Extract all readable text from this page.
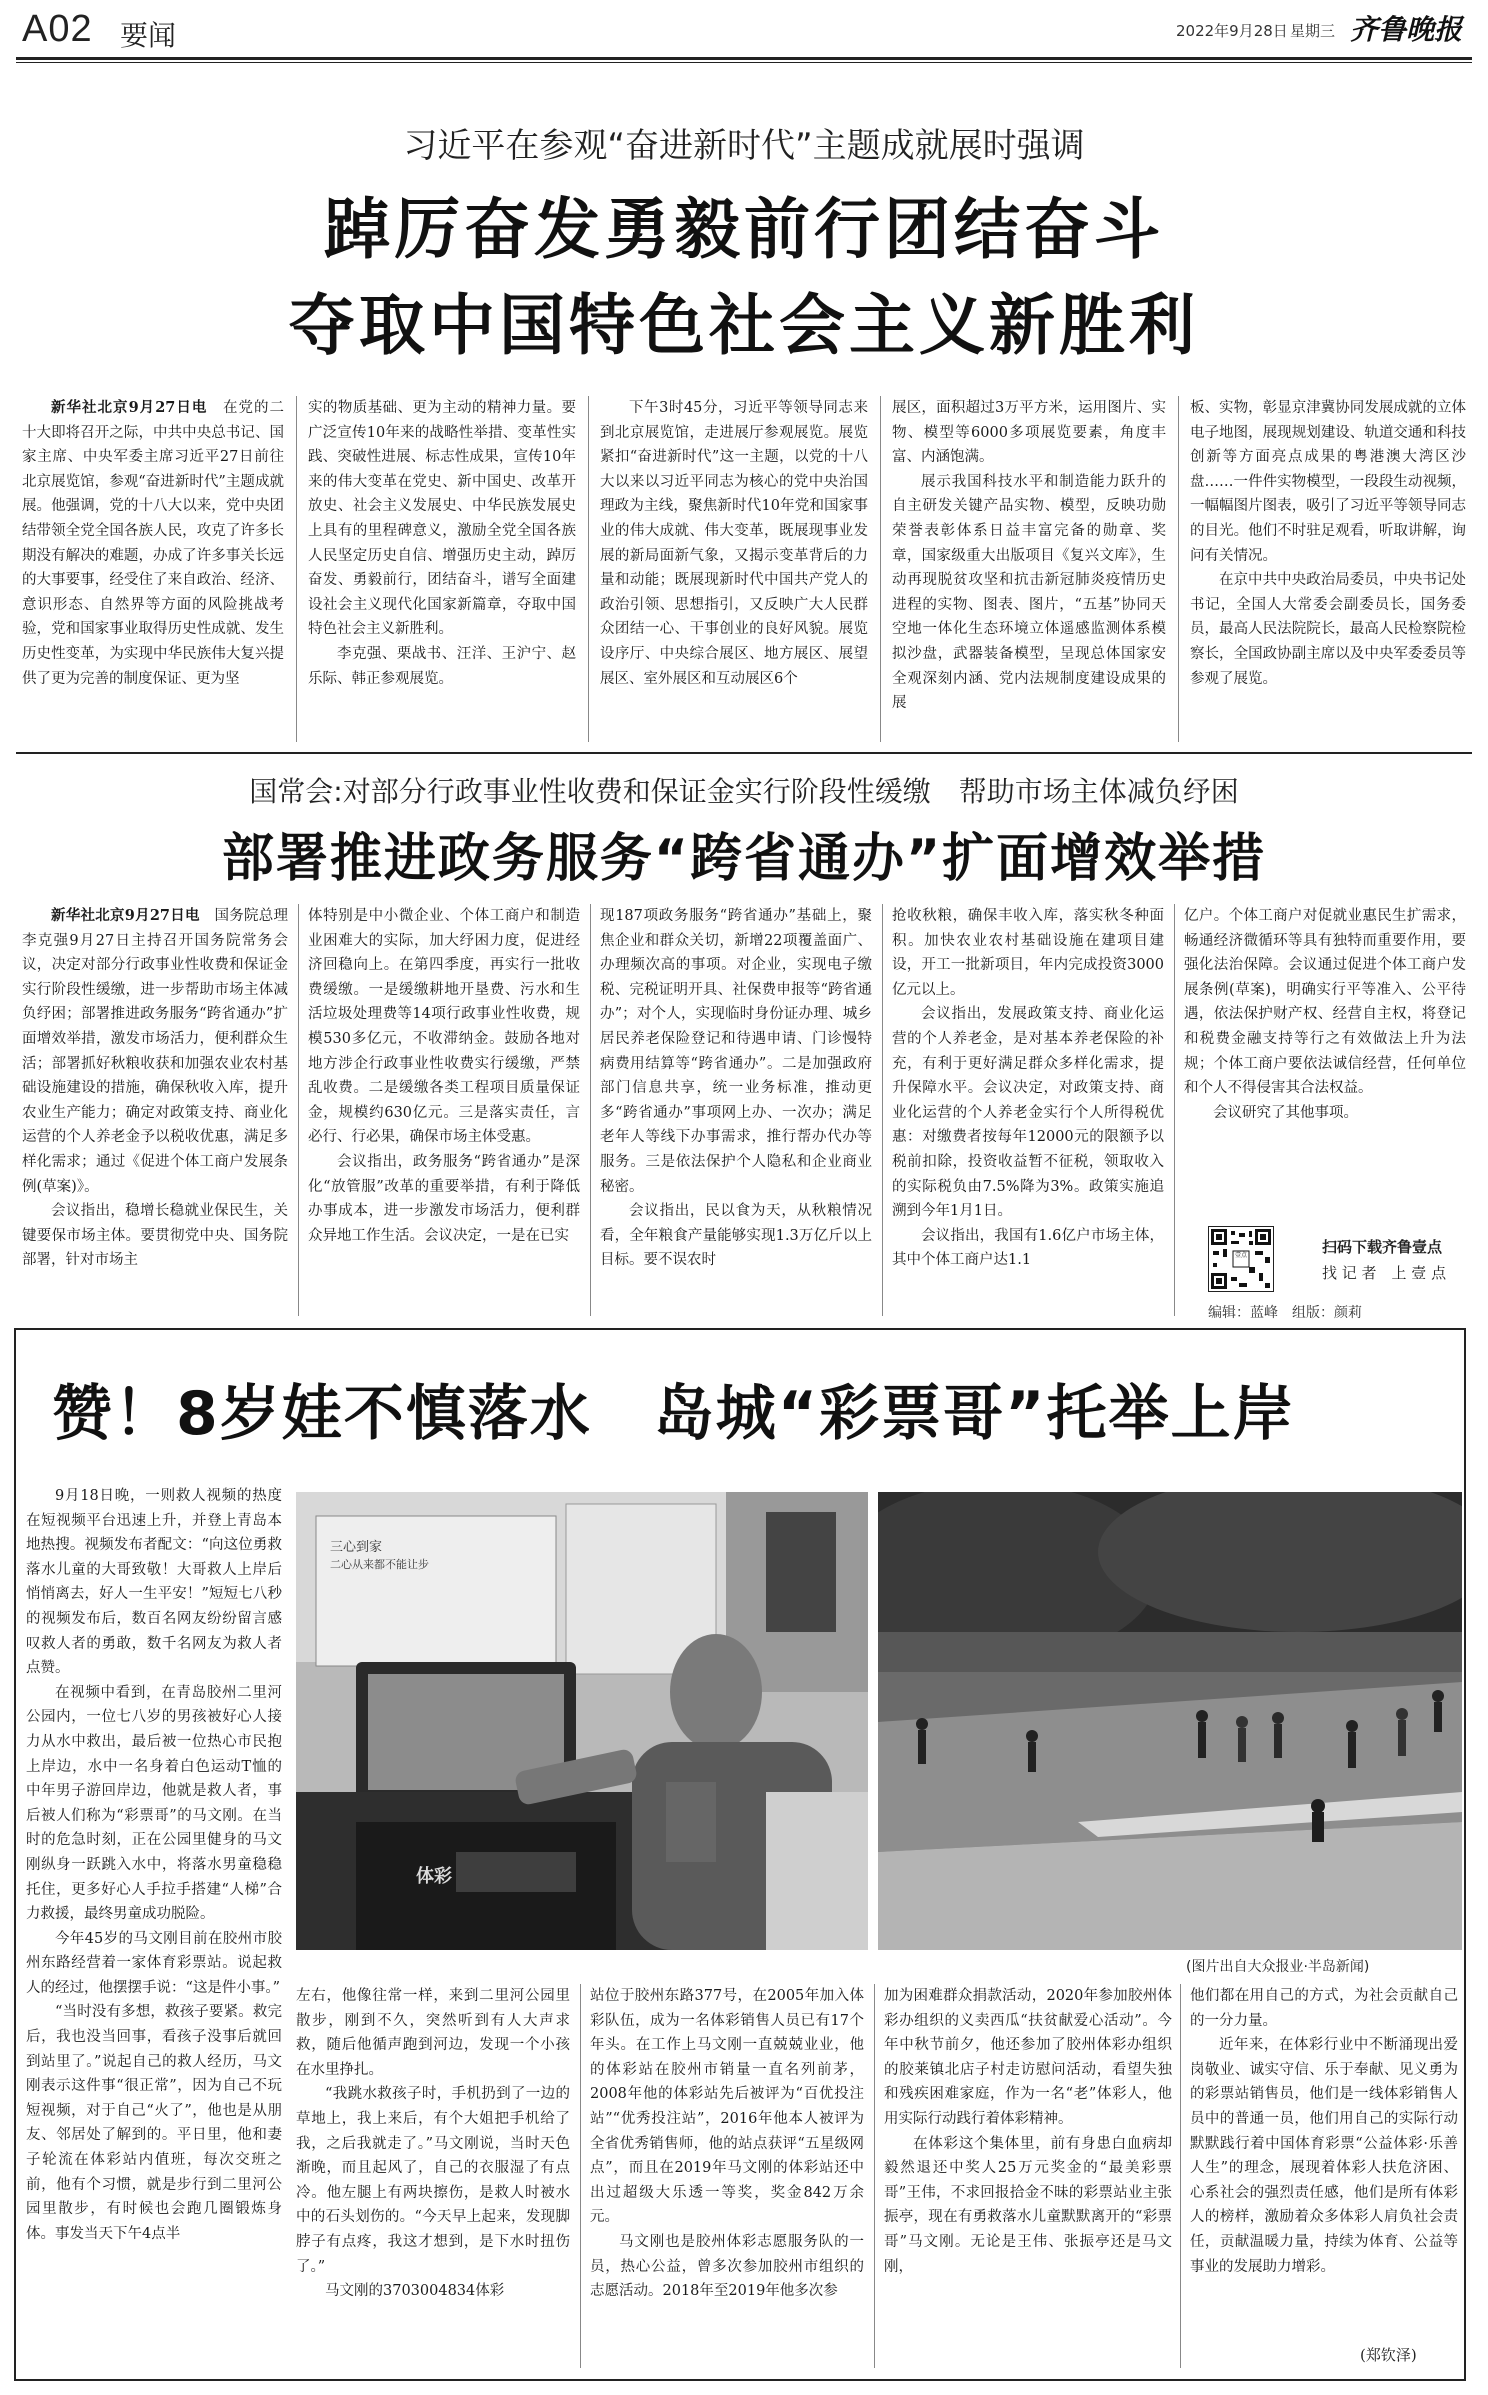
A02 要闻	2022年9月28日 星期三 齐鲁晚报
习近平在参观“奋进新时代”主题成就展时强调
踔厉奋发勇毅前行团结奋斗
夺取中国特色社会主义新胜利

新华社北京9月27日电　 在党的二十大即将召开之际，中共中央总书记、国家主席、中央军委主席习近平27日前往北京展览馆，参观“奋进新时代”主题成就展。他强调，党的十八大以来，党中央团结带领全党全国各族人民，攻克了许多长期没有解决的难题，办成了许多事关长远的大事要事，经受住了来自政治、经济、意识形态、自然界等方面的风险挑战考验，党和国家事业取得历史性成就、发生历史性变革，为实现中华民族伟大复兴提供了更为完善的制度保证、更为坚

实的物质基础、更为主动的精神力量。要广泛宣传10年来的战略性举措、变革性实践、突破性进展、标志性成果，宣传10年来的伟大变革在党史、新中国史、改革开放史、社会主义发展史、中华民族发展史上具有的里程碑意义，激励全党全国各族人民坚定历史自信、增强历史主动，踔厉奋发、勇毅前行，团结奋斗，谱写全面建设社会主义现代化国家新篇章，夺取中国特色社会主义新胜利。

李克强、栗战书、汪洋、王沪宁、赵乐际、韩正参观展览。

下午3时45分，习近平等领导同志来到北京展览馆，走进展厅参观展览。展览紧扣“奋进新时代”这一主题，以党的十八大以来以习近平同志为核心的党中央治国理政为主线，聚焦新时代10年党和国家事业的伟大成就、伟大变革，既展现事业发展的新局面新气象，又揭示变革背后的力量和动能；既展现新时代中国共产党人的政治引领、思想指引，又反映广大人民群众团结一心、干事创业的良好风貌。展览设序厅、中央综合展区、地方展区、展望展区、室外展区和互动展区6个

展区，面积超过3万平方米，运用图片、实物、模型等6000多项展览要素，角度丰富、内涵饱满。

展示我国科技水平和制造能力跃升的自主研发关键产品实物、模型，反映功勋荣誉表彰体系日益丰富完备的勋章、奖章，国家级重大出版项目《复兴文库》，生动再现脱贫攻坚和抗击新冠肺炎疫情历史进程的实物、图表、图片，“五基”协同天空地一体化生态环境立体遥感监测体系模拟沙盘，武器装备模型，呈现总体国家安全观深刻内涵、党内法规制度建设成果的展

板、实物，彰显京津冀协同发展成就的立体电子地图，展现规划建设、轨道交通和科技创新等方面亮点成果的粤港澳大湾区沙盘……一件件实物模型，一段段生动视频，一幅幅图片图表，吸引了习近平等领导同志的目光。他们不时驻足观看，听取讲解，询问有关情况。

在京中共中央政治局委员，中央书记处书记，全国人大常委会副委员长，国务委员，最高人民法院院长，最高人民检察院检察长，全国政协副主席以及中央军委委员等参观了展览。

国常会:对部分行政事业性收费和保证金实行阶段性缓缴　帮助市场主体减负纾困
部署推进政务服务“跨省通办”扩面增效举措

新华社北京9月27日电　 国务院总理李克强9月27日主持召开国务院常务会议，决定对部分行政事业性收费和保证金实行阶段性缓缴，进一步帮助市场主体减负纾困；部署推进政务服务“跨省通办”扩面增效举措，激发市场活力，便利群众生活；部署抓好秋粮收获和加强农业农村基础设施建设的措施，确保秋收入库，提升农业生产能力；确定对政策支持、商业化运营的个人养老金予以税收优惠，满足多样化需求；通过《促进个体工商户发展条例(草案)》。

会议指出，稳增长稳就业保民生，关键要保市场主体。要贯彻党中央、国务院部署，针对市场主

体特别是中小微企业、个体工商户和制造业困难大的实际，加大纾困力度，促进经济回稳向上。在第四季度，再实行一批收费缓缴。一是缓缴耕地开垦费、污水和生活垃圾处理费等14项行政事业性收费，规模530多亿元，不收滞纳金。鼓励各地对地方涉企行政事业性收费实行缓缴，严禁乱收费。二是缓缴各类工程项目质量保证金，规模约630亿元。三是落实责任，言必行、行必果，确保市场主体受惠。

会议指出，政务服务“跨省通办”是深化“放管服”改革的重要举措，有利于降低办事成本，进一步激发市场活力，便利群众异地工作生活。会议决定，一是在已实

现187项政务服务“跨省通办”基础上，聚焦企业和群众关切，新增22项覆盖面广、办理频次高的事项。对企业，实现电子缴税、完税证明开具、社保费申报等“跨省通办”；对个人，实现临时身份证办理、城乡居民养老保险登记和待遇申请、门诊慢特病费用结算等“跨省通办”。二是加强政府部门信息共享，统一业务标准，推动更多“跨省通办”事项网上办、一次办；满足老年人等线下办事需求，推行帮办代办等服务。三是依法保护个人隐私和企业商业秘密。

会议指出，民以食为天，从秋粮情况看，全年粮食产量能够实现1.3万亿斤以上目标。要不误农时

抢收秋粮，确保丰收入库，落实秋冬种面积。加快农业农村基础设施在建项目建设，开工一批新项目，年内完成投资3000亿元以上。

会议指出，发展政策支持、商业化运营的个人养老金，是对基本养老保险的补充，有利于更好满足群众多样化需求，提升保障水平。会议决定，对政策支持、商业化运营的个人养老金实行个人所得税优惠：对缴费者按每年12000元的限额予以税前扣除，投资收益暂不征税，领取收入的实际税负由7.5%降为3%。政策实施追溯到今年1月1日。

会议指出，我国有1.6亿户市场主体，其中个体工商户达1.1

亿户。个体工商户对促就业惠民生扩需求，畅通经济微循环等具有独特而重要作用，要强化法治保障。会议通过促进个体工商户发展条例(草案)，明确实行平等准入、公平待遇，依法保护财产权、经营自主权，将登记和税费金融支持等行之有效做法上升为法规；个体工商户要依法诚信经营，任何单位和个人不得侵害其合法权益。

会议研究了其他事项。

壹点	扫码下载齐鲁壹点
找 记 者　上 壹 点
编辑：蓝峰　组版：颜莉
赞！8岁娃不慎落水　岛城“彩票哥”托举上岸

9月18日晚，一则救人视频的热度在短视频平台迅速上升，并登上青岛本地热搜。视频发布者配文：“向这位勇救落水儿童的大哥致敬！大哥救人上岸后悄悄离去，好人一生平安！”短短七八秒的视频发布后，数百名网友纷纷留言感叹救人者的勇敢，数千名网友为救人者点赞。

在视频中看到，在青岛胶州二里河公园内，一位七八岁的男孩被好心人接力从水中救出，最后被一位热心市民抱上岸边，水中一名身着白色运动T恤的中年男子游回岸边，他就是救人者，事后被人们称为“彩票哥”的马文刚。在当时的危急时刻，正在公园里健身的马文刚纵身一跃跳入水中，将落水男童稳稳托住，更多好心人手拉手搭建“人梯”合力救援，最终男童成功脱险。

今年45岁的马文刚目前在胶州市胶州东路经营着一家体育彩票站。说起救人的经过，他摆摆手说：“这是件小事。”

“当时没有多想，救孩子要紧。救完后，我也没当回事，看孩子没事后就回到站里了。”说起自己的救人经历，马文刚表示这件事“很正常”，因为自己不玩短视频，对于自己“火了”，他也是从朋友、邻居处了解到的。平日里，他和妻子轮流在体彩站内值班，每次交班之前，他有个习惯，就是步行到二里河公园里散步，有时候也会跑几圈锻炼身体。事发当天下午4点半

三心到家
二心从来都不能让步
体彩
(图片出自大众报业·半岛新闻)

左右，他像往常一样，来到二里河公园里散步，刚到不久，突然听到有人大声求救，随后他循声跑到河边，发现一个小孩在水里挣扎。

“我跳水救孩子时，手机扔到了一边的草地上，我上来后，有个大姐把手机给了我，之后我就走了。”马文刚说，当时天色渐晚，而且起风了，自己的衣服湿了有点冷。他左腿上有两块擦伤，是救人时被水中的石头划伤的。“今天早上起来，发现脚脖子有点疼，我这才想到，是下水时扭伤了。”

马文刚的3703004834体彩

站位于胶州东路377号，在2005年加入体彩队伍，成为一名体彩销售人员已有17个年头。在工作上马文刚一直兢兢业业，他的体彩站在胶州市销量一直名列前茅，2008年他的体彩站先后被评为“百优投注站”“优秀投注站”，2016年他本人被评为全省优秀销售师，他的站点获评“五星级网点”，而且在2019年马文刚的体彩站还中出过超级大乐透一等奖，奖金842万余元。

马文刚也是胶州体彩志愿服务队的一员，热心公益，曾多次参加胶州市组织的志愿活动。2018年至2019年他多次参

加为困难群众捐款活动，2020年参加胶州体彩办组织的义卖西瓜“扶贫献爱心活动”。今年中秋节前夕，他还参加了胶州体彩办组织的胶莱镇北店子村走访慰问活动，看望失独和残疾困难家庭，作为一名“老”体彩人，他用实际行动践行着体彩精神。

在体彩这个集体里，前有身患白血病却毅然退还中奖人25万元奖金的“最美彩票哥”王伟，不求回报拾金不昧的彩票站业主张振亭，现在有勇救落水儿童默默离开的“彩票哥”马文刚。无论是王伟、张振亭还是马文刚，

他们都在用自己的方式，为社会贡献自己的一分力量。

近年来，在体彩行业中不断涌现出爱岗敬业、诚实守信、乐于奉献、见义勇为的彩票站销售员，他们是一线体彩销售人员中的普通一员，他们用自己的实际行动默默践行着中国体育彩票“公益体彩·乐善人生”的理念，展现着体彩人扶危济困、心系社会的强烈责任感，他们是所有体彩人的榜样，激励着众多体彩人肩负社会责任，贡献温暖力量，持续为体育、公益等事业的发展助力增彩。

(郑钦泽)
